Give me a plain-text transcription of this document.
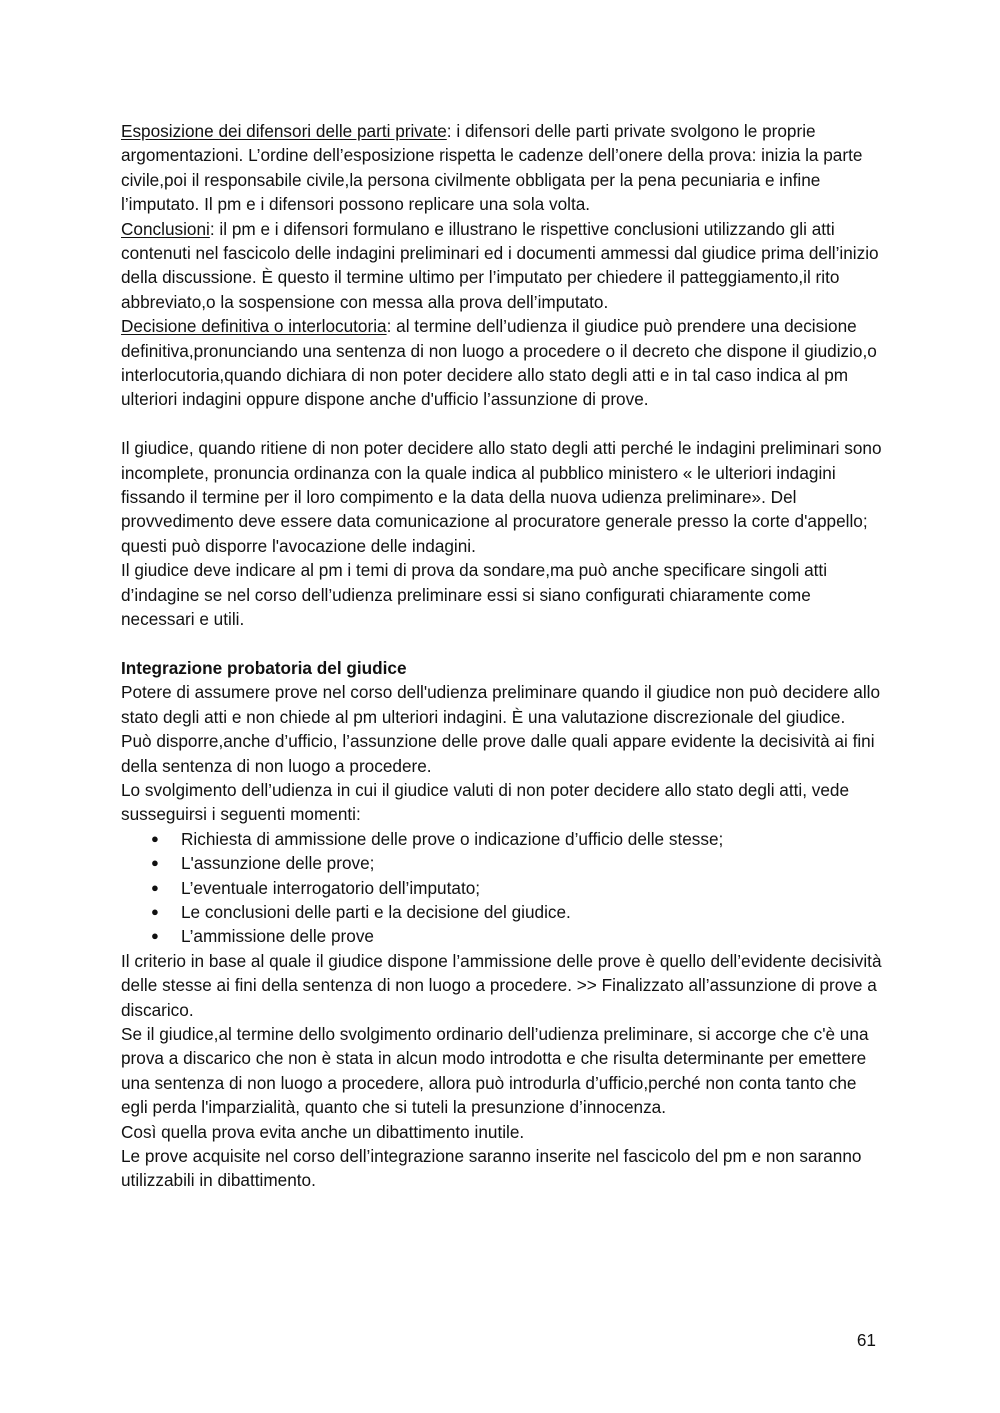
Esposizione dei difensori delle parti private: i difensori delle parti private svolgono le proprie argomentazioni. L’ordine dell’esposizione rispetta le cadenze dell’onere della prova: inizia la parte civile,poi il responsabile civile,la persona civilmente obbligata per la pena pecuniaria e infine l’imputato. Il pm e i difensori possono replicare una sola volta.

Conclusioni: il pm e i difensori formulano e illustrano le rispettive conclusioni utilizzando gli atti contenuti nel fascicolo delle indagini preliminari ed i documenti ammessi dal giudice prima dell’inizio della discussione. È questo il termine ultimo per l’imputato per chiedere il patteggiamento,il rito abbreviato,o la sospensione con messa alla prova dell’imputato.

Decisione definitiva o interlocutoria: al termine dell’udienza il giudice può prendere una decisione definitiva,pronunciando una sentenza di non luogo a procedere o il decreto che dispone il giudizio,o interlocutoria,quando dichiara di non poter decidere allo stato degli atti e in tal caso indica al pm ulteriori indagini oppure dispone anche d'ufficio l’assunzione di prove.

Il giudice, quando ritiene di non poter decidere allo stato degli atti perché le indagini preliminari sono incomplete, pronuncia ordinanza con la quale indica al pubblico ministero « le ulteriori indagini fissando il termine per il loro compimento e la data della nuova udienza preliminare». Del provvedimento deve essere data comunicazione al procuratore generale presso la corte d'appello; questi può disporre l'avocazione delle indagini.

Il giudice deve indicare al pm i temi di prova da sondare,ma può anche specificare singoli atti d’indagine se nel corso dell’udienza preliminare essi si siano configurati chiaramente come necessari e utili.

Integrazione probatoria del giudice

Potere di assumere prove nel corso dell'udienza preliminare quando il giudice non può decidere allo stato degli atti e non chiede al pm ulteriori indagini. È una valutazione discrezionale del giudice.

Può disporre,anche d’ufficio, l’assunzione delle prove dalle quali appare evidente la decisività ai fini della sentenza di non luogo a procedere.

Lo svolgimento dell’udienza in cui il giudice valuti di non poter decidere allo stato degli atti, vede susseguirsi i seguenti momenti:

● Richiesta di ammissione delle prove o indicazione d’ufficio delle stesse;
● L'assunzione delle prove;
● L’eventuale interrogatorio dell’imputato;
● Le conclusioni delle parti e la decisione del giudice.
● L’ammissione delle prove

Il criterio in base al quale il giudice dispone l’ammissione delle prove è quello dell’evidente decisività delle stesse ai fini della sentenza di non luogo a procedere. >> Finalizzato all’assunzione di prove a discarico.

Se il giudice,al termine dello svolgimento ordinario dell’udienza preliminare, si accorge che c'è una prova a discarico che non è stata in alcun modo introdotta e che risulta determinante per emettere una sentenza di non luogo a procedere, allora può introdurla d’ufficio,perché non conta tanto che egli perda l'imparzialità, quanto che si tuteli la presunzione d’innocenza.

Così quella prova evita anche un dibattimento inutile.

Le prove acquisite nel corso dell’integrazione saranno inserite nel fascicolo del pm e non saranno utilizzabili in dibattimento.

61
